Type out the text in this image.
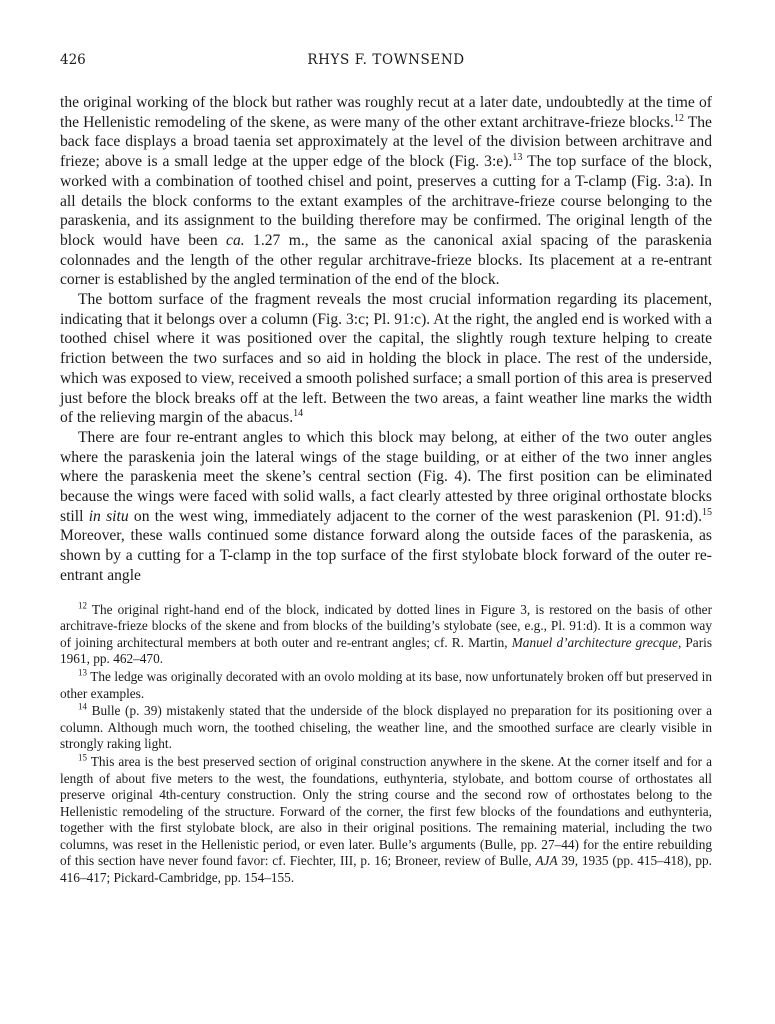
426	RHYS F. TOWNSEND

the original working of the block but rather was roughly recut at a later date, undoubtedly at the time of the Hellenistic remodeling of the skene, as were many of the other extant architrave-frieze blocks.$^{12}$ The back face displays a broad taenia set approximately at the level of the division between architrave and frieze; above is a small ledge at the upper edge of the block (Fig. 3:e).$^{13}$ The top surface of the block, worked with a combination of toothed chisel and point, preserves a cutting for a T-clamp (Fig. 3:a). In all details the block conforms to the extant examples of the architrave-frieze course belonging to the paraskenia, and its assignment to the building therefore may be confirmed. The original length of the block would have been ca. 1.27 m., the same as the canonical axial spacing of the paraskenia colonnades and the length of the other regular architrave-frieze blocks. Its placement at a re-entrant corner is established by the angled termination of the end of the block.

The bottom surface of the fragment reveals the most crucial information regarding its placement, indicating that it belongs over a column (Fig. 3:c; Pl. 91:c). At the right, the angled end is worked with a toothed chisel where it was positioned over the capital, the slightly rough texture helping to create friction between the two surfaces and so aid in holding the block in place. The rest of the underside, which was exposed to view, received a smooth polished surface; a small portion of this area is preserved just before the block breaks off at the left. Between the two areas, a faint weather line marks the width of the relieving margin of the abacus.$^{14}$

There are four re-entrant angles to which this block may belong, at either of the two outer angles where the paraskenia join the lateral wings of the stage building, or at either of the two inner angles where the paraskenia meet the skene’s central section (Fig. 4). The first position can be eliminated because the wings were faced with solid walls, a fact clearly attested by three original orthostate blocks still in situ on the west wing, immediately adjacent to the corner of the west paraskenion (Pl. 91:d).$^{15}$ Moreover, these walls continued some distance forward along the outside faces of the paraskenia, as shown by a cutting for a T-clamp in the top surface of the first stylobate block forward of the outer re-entrant angle

$^{12}$ The original right-hand end of the block, indicated by dotted lines in Figure 3, is restored on the basis of other architrave-frieze blocks of the skene and from blocks of the building’s stylobate (see, e.g., Pl. 91:d). It is a common way of joining architectural members at both outer and re-entrant angles; cf. R. Martin, Manuel d’architecture grecque, Paris 1961, pp. 462–470.

$^{13}$ The ledge was originally decorated with an ovolo molding at its base, now unfortunately broken off but preserved in other examples.

$^{14}$ Bulle (p. 39) mistakenly stated that the underside of the block displayed no preparation for its positioning over a column. Although much worn, the toothed chiseling, the weather line, and the smoothed surface are clearly visible in strongly raking light.

$^{15}$ This area is the best preserved section of original construction anywhere in the skene. At the corner itself and for a length of about five meters to the west, the foundations, euthynteria, stylobate, and bottom course of orthostates all preserve original 4th-century construction. Only the string course and the second row of orthostates belong to the Hellenistic remodeling of the structure. Forward of the corner, the first few blocks of the foundations and euthynteria, together with the first stylobate block, are also in their original positions. The remaining material, including the two columns, was reset in the Hellenistic period, or even later. Bulle’s arguments (Bulle, pp. 27–44) for the entire rebuilding of this section have never found favor: cf. Fiechter, III, p. 16; Broneer, review of Bulle, AJA 39, 1935 (pp. 415–418), pp. 416–417; Pickard-Cambridge, pp. 154–155.
